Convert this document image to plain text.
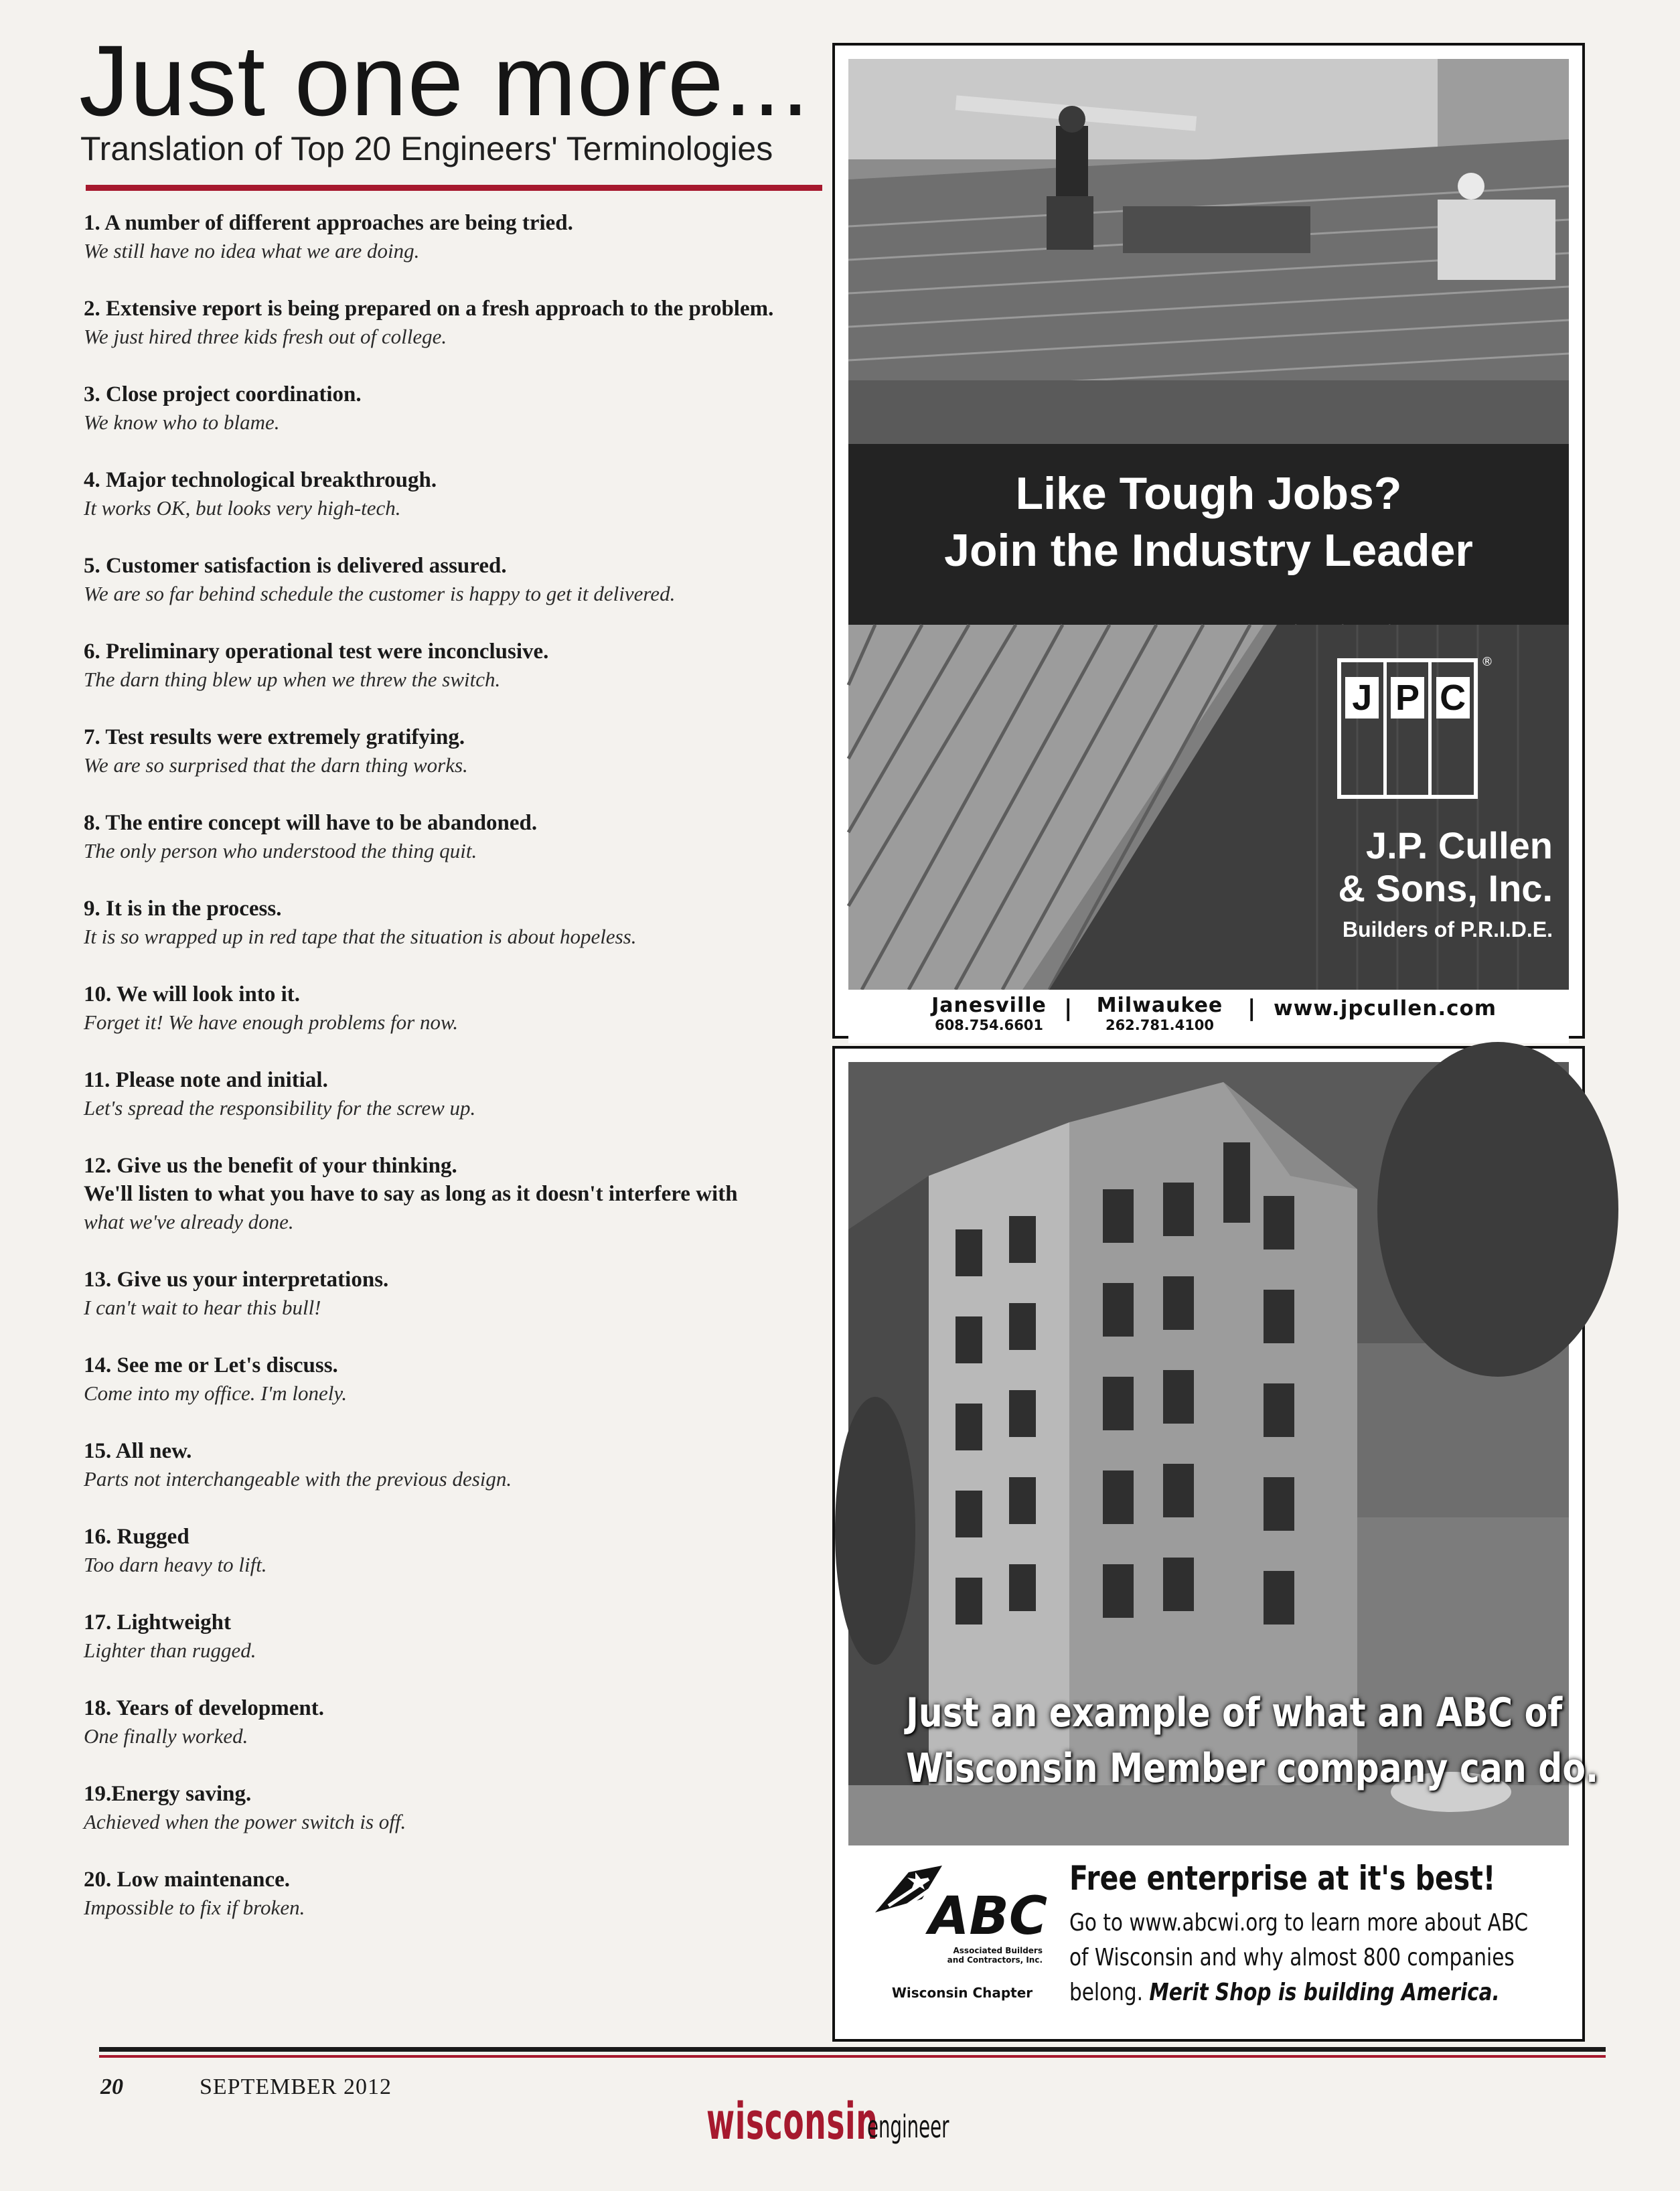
Just one more...
Translation of Top 20 Engineers' Terminologies
1. A number of different approaches are being tried.
We still have no idea what we are doing.
2. Extensive report is being prepared on a fresh approach to the problem.
We just hired three kids fresh out of college.
3. Close project coordination.
We know who to blame.
4. Major technological breakthrough.
It works OK, but looks very high-tech.
5. Customer satisfaction is delivered assured.
We are so far behind schedule the customer is happy to get it delivered.
6. Preliminary operational test were inconclusive.
The darn thing blew up when we threw the switch.
7. Test results were extremely gratifying.
We are so surprised that the darn thing works.
8. The entire concept will have to be abandoned.
The only person who understood the thing quit.
9. It is in the process.
It is so wrapped up in red tape that the situation is about hopeless.
10. We will look into it.
Forget it! We have enough problems for now.
11. Please note and initial.
Let's spread the responsibility for the screw up.
12. Give us the benefit of your thinking.
We'll listen to what you have to say as long as it doesn't interfere with
what we've already done.
13. Give us your interpretations.
I can't wait to hear this bull!
14. See me or Let's discuss.
Come into my office. I'm lonely.
15. All new.
Parts not interchangeable with the previous design.
16. Rugged
Too darn heavy to lift.
17. Lightweight
Lighter than rugged.
18. Years of development.
One finally worked.
19.Energy saving.
Achieved when the power switch is off.
20. Low maintenance.
Impossible to fix if broken.
Like Tough Jobs?
Join the Industry Leader
J P C
®
J.P. Cullen
& Sons, Inc.
Builders of P.R.I.D.E.
Janesville
608.754.6601
|	Milwaukee
262.781.4100
| www.jpcullen.com
Just an example of what an ABC of
Wisconsin Member company can do.
ABC
Associated Builders
and Contractors, Inc.
Wisconsin Chapter
Free enterprise at it's best!
Go to www.abcwi.org to learn more about ABC
of Wisconsin and why almost 800 companies
belong. Merit Shop is building America.
20	SEPTEMBER 2012
wisconsin
engineer
